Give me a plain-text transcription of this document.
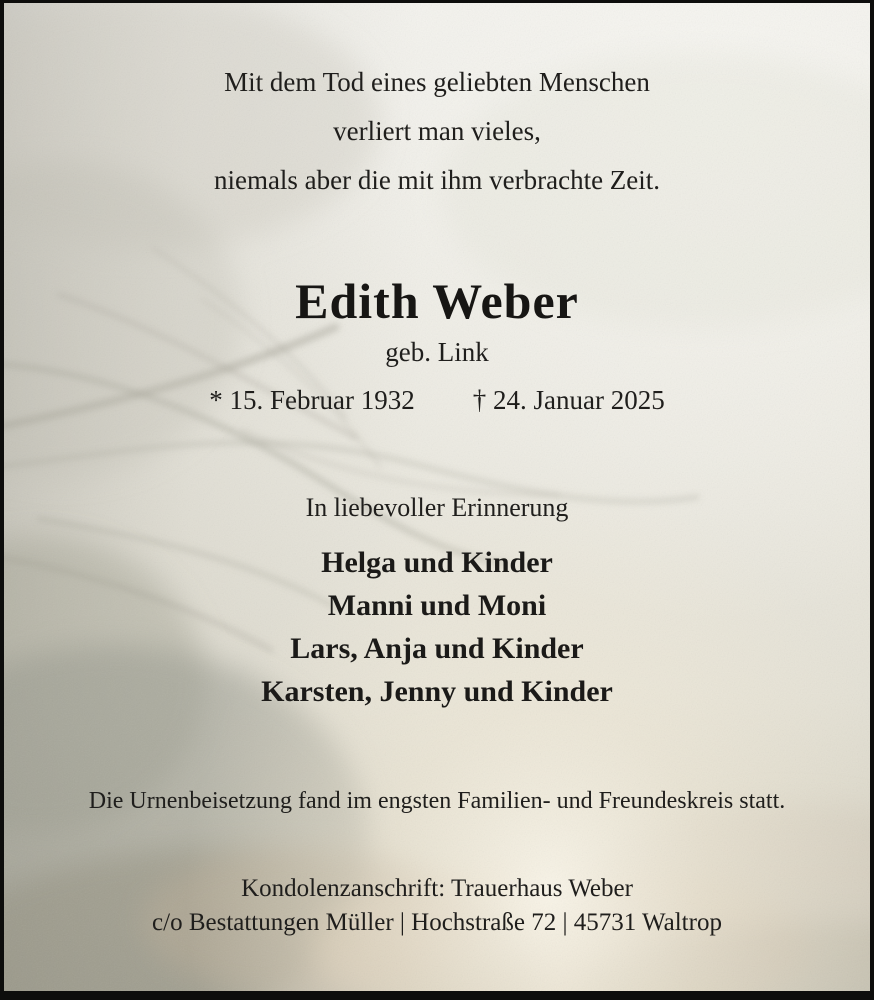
Mit dem Tod eines geliebten Menschen
verliert man vieles,
niemals aber die mit ihm verbrachte Zeit.
Edith Weber
geb. Link
* 15. Februar 1932 † 24. Januar 2025
In liebevoller Erinnerung
Helga und Kinder
Manni und Moni
Lars, Anja und Kinder
Karsten, Jenny und Kinder
Die Urnenbeisetzung fand im engsten Familien- und Freundeskreis statt.
Kondolenzanschrift: Trauerhaus Weber
c/o Bestattungen Müller | Hochstraße 72 | 45731 Waltrop
